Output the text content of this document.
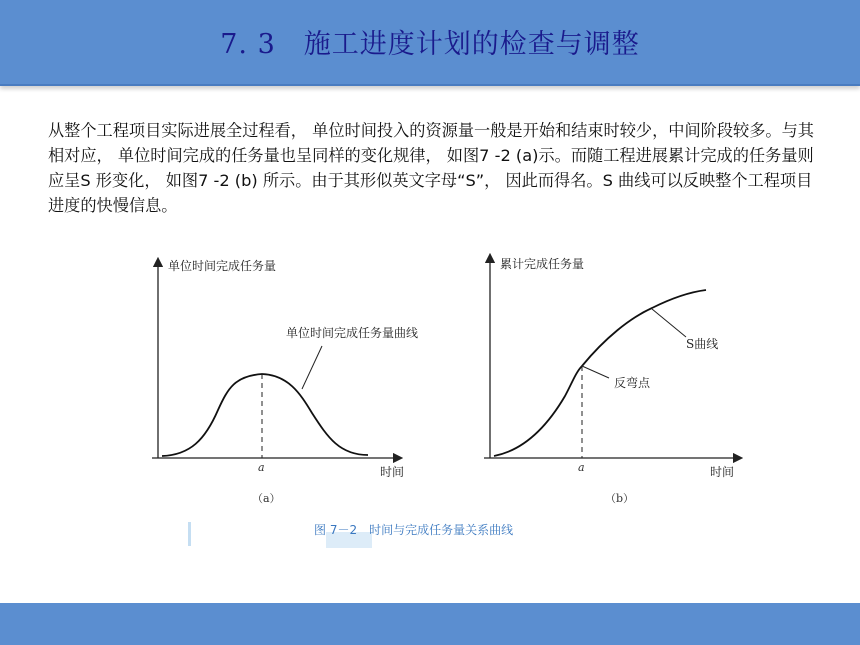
7. 3　施工进度计划的检查与调整

从整个工程项目实际进展全过程看， 单位时间投入的资源量一般是开始和结束时较少，中间阶段较多。与其相对应， 单位时间完成的任务量也呈同样的变化规律， 如图7 -2 (a)示。而随工程进展累计完成的任务量则应呈S 形变化， 如图7 -2 (b) 所示。由于其形似英文字母“S”， 因此而得名。S 曲线可以反映整个工程项目进度的快慢信息。

单位时间完成任务量
单位时间完成任务量曲线
a	时间
（a）
累计完成任务量
S曲线
反弯点
a	时间
（b）
图 7－2　时间与完成任务量关系曲线
